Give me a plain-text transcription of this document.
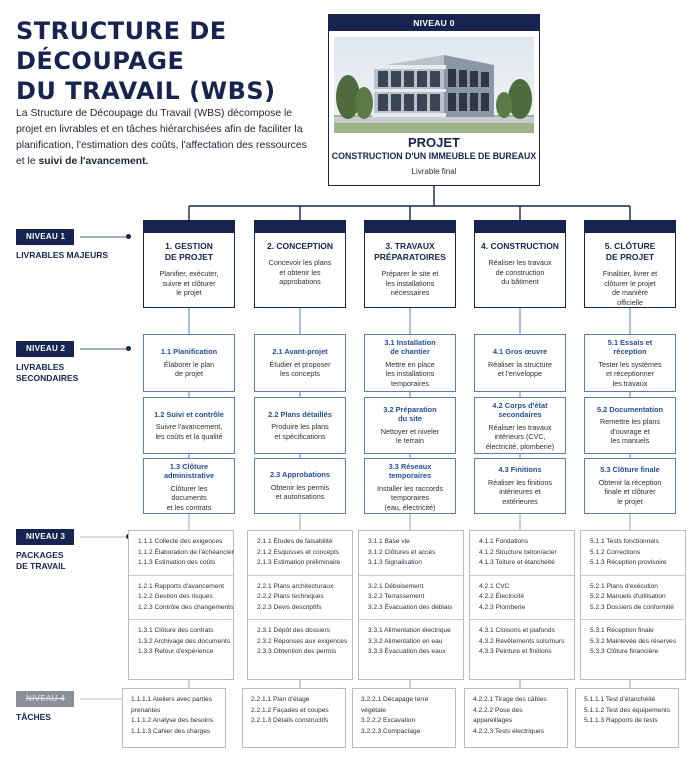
STRUCTURE DE DÉCOUPAGE
DU TRAVAIL (WBS)
La Structure de Découpage du Travail (WBS) décompose le projet en livrables et en tâches hiérarchisées afin de faciliter la planification, l'estimation des coûts, l'affectation des ressources et le suivi de l'avancement.
NIVEAU 0
PROJET
CONSTRUCTION D'UN IMMEUBLE DE BUREAUX
Livrable final
NIVEAU 1
LIVRABLES MAJEURS
NIVEAU 2
LIVRABLES
SECONDAIRES
NIVEAU 3
PACKAGES
DE TRAVAIL
NIVEAU 4
TÂCHES
1. GESTION
DE PROJET
Planifier, exécuter,
suivre et clôturer
le projet
1.1 Planification
Élaborer le plan
de projet
1.2 Suivi et contrôle
Suivre l'avancement,
les coûts et la qualité
1.3 Clôture
administrative
Clôturer les
documents
et les contrats
1.1.1 Collecte des exigences
1.1.2 Élaboration de l'échéancier
1.1.3 Estimation des coûts
1.2.1 Rapports d'avancement
1.2.2 Gestion des risques
1.2.3 Contrôle des changements
1.3.1 Clôture des contrats
1.3.2 Archivage des documents
1.3.3 Retour d'expérience
1.1.1.1 Ateliers avec parties
prenantes
1.1.1.2 Analyse des besoins
1.1.1.3 Cahier des charges
2. CONCEPTION
Concevoir les plans
et obtenir les
approbations
2.1 Avant-projet
Étudier et proposer
les concepts
2.2 Plans détaillés
Produire les plans
et spécifications
2.3 Approbations
Obtenir les permis
et autorisations
2.1.1 Études de faisabilité
2.1.2 Esquisses et concepts
2.1.3 Estimation préliminaire
2.2.1 Plans architecturaux
2.2.2 Plans techniques
2.2.3 Devis descriptifs
2.3.1 Dépôt des dossiers
2.3.2 Réponses aux exigences
2.3.3 Obtention des permis
2.2.1.1 Plan d'étage
2.2.1.2 Façades et coupes
2.2.1.3 Détails constructifs
3. TRAVAUX
PRÉPARATOIRES
Préparer le site et
les installations
nécessaires
3.1 Installation
de chantier
Mettre en place
les installations
temporaires
3.2 Préparation
du site
Nettoyer et niveler
le terrain
3.3 Réseaux
temporaires
Installer les raccords
temporaires
(eau, électricité)
3.1.1 Base vie
3.1.2 Clôtures et accès
3.1.3 Signalisation
3.2.1 Déboisement
3.2.2 Terrassement
3.2.3 Évacuation des déblais
3.3.1 Alimentation électrique
3.3.2 Alimentation en eau
3.3.3 Évacuation des eaux
3.2.2.1 Décapage terre végétale
3.2.2.2 Excavation
3.2.2.3 Compactage
4. CONSTRUCTION
Réaliser les travaux
de construction
du bâtiment
4.1 Gros œuvre
Réaliser la structure
et l'enveloppe
4.2 Corps d'état
secondaires
Réaliser les travaux
intérieurs (CVC,
électricité, plomberie)
4.3 Finitions
Réaliser les finitions
intérieures et
extérieures
4.1.1 Fondations
4.1.2 Structure béton/acier
4.1.3 Toiture et étanchéité
4.2.1 CVC
4.2.2 Électricité
4.2.3 Plomberie
4.3.1 Cloisons et plafonds
4.3.2 Revêtements sols/murs
4.3.3 Peinture et finitions
4.2.2.1 Tirage des câbles
4.2.2.2 Pose des appareillages
4.2.2.3 Tests électriques
5. CLÔTURE
DE PROJET
Finaliser, livrer et
clôturer le projet
de manière
officielle
5.1 Essais et
réception
Tester les systèmes
et réceptionner
les travaux
5.2 Documentation
Remettre les plans
d'ouvrage et
les manuels
5.3 Clôture finale
Obtenir la réception
finale et clôturer
le projet
5.1.1 Tests fonctionnels
5.1.2 Corrections
5.1.3 Réception provisoire
5.2.1 Plans d'exécution
5.2.2 Manuels d'utilisation
5.2.3 Dossiers de conformité
5.3.1 Réception finale
5.3.2 Mainlevée des réserves
5.3.3 Clôture financière
5.1.1.1 Test d'étanchéité
5.1.1.2 Test des équipements
5.1.1.3 Rapports de tests
